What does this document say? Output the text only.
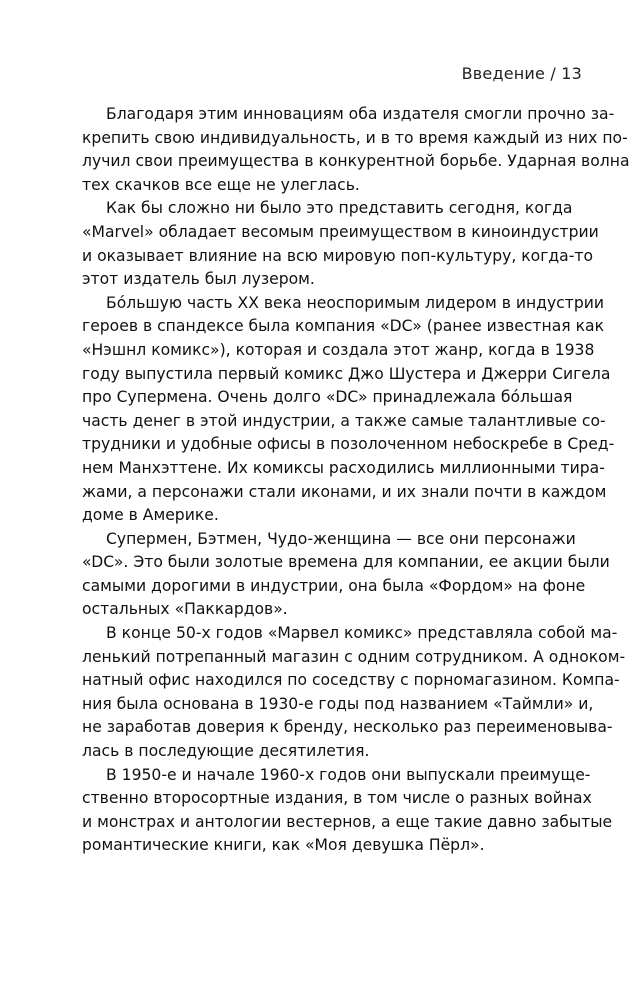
Введение / 13
Благодаря этим инновациям оба издателя смогли прочно за-
крепить свою индивидуальность, и в то время каждый из них по-
лучил свои преимущества в конкурентной борьбе. Ударная волна
тех скачков все еще не улеглась.
Как бы сложно ни было это представить сегодня, когда
«Marvel» обладает весомым преимуществом в киноиндустрии
и оказывает влияние на всю мировую поп-культуру, когда-то
этот издатель был лузером.
Бóльшую часть XX века неоспоримым лидером в индустрии
героев в спандексе была компания «DC» (ранее известная как
«Нэшнл комикс»), которая и создала этот жанр, когда в 1938
году выпустила первый комикс Джо Шустера и Джерри Сигела
про Супермена. Очень долго «DC» принадлежала бóльшая
часть денег в этой индустрии, а также самые талантливые со-
трудники и удобные офисы в позолоченном небоскребе в Сред-
нем Манхэттене. Их комиксы расходились миллионными тира-
жами, а персонажи стали иконами, и их знали почти в каждом
доме в Америке.
Супермен, Бэтмен, Чудо-женщина — все они персонажи
«DC». Это были золотые времена для компании, ее акции были
самыми дорогими в индустрии, она была «Фордом» на фоне
остальных «Паккардов».
В конце 50-х годов «Марвел комикс» представляла собой ма-
ленький потрепанный магазин с одним сотрудником. А одноком-
натный офис находился по соседству с порномагазином. Компа-
ния была основана в 1930-е годы под названием «Таймли» и,
не заработав доверия к бренду, несколько раз переименовыва-
лась в последующие десятилетия.
В 1950-е и начале 1960-х годов они выпускали преимуще-
ственно второсортные издания, в том числе о разных войнах
и монстрах и антологии вестернов, а еще такие давно забытые
романтические книги, как «Моя девушка Пёрл».
